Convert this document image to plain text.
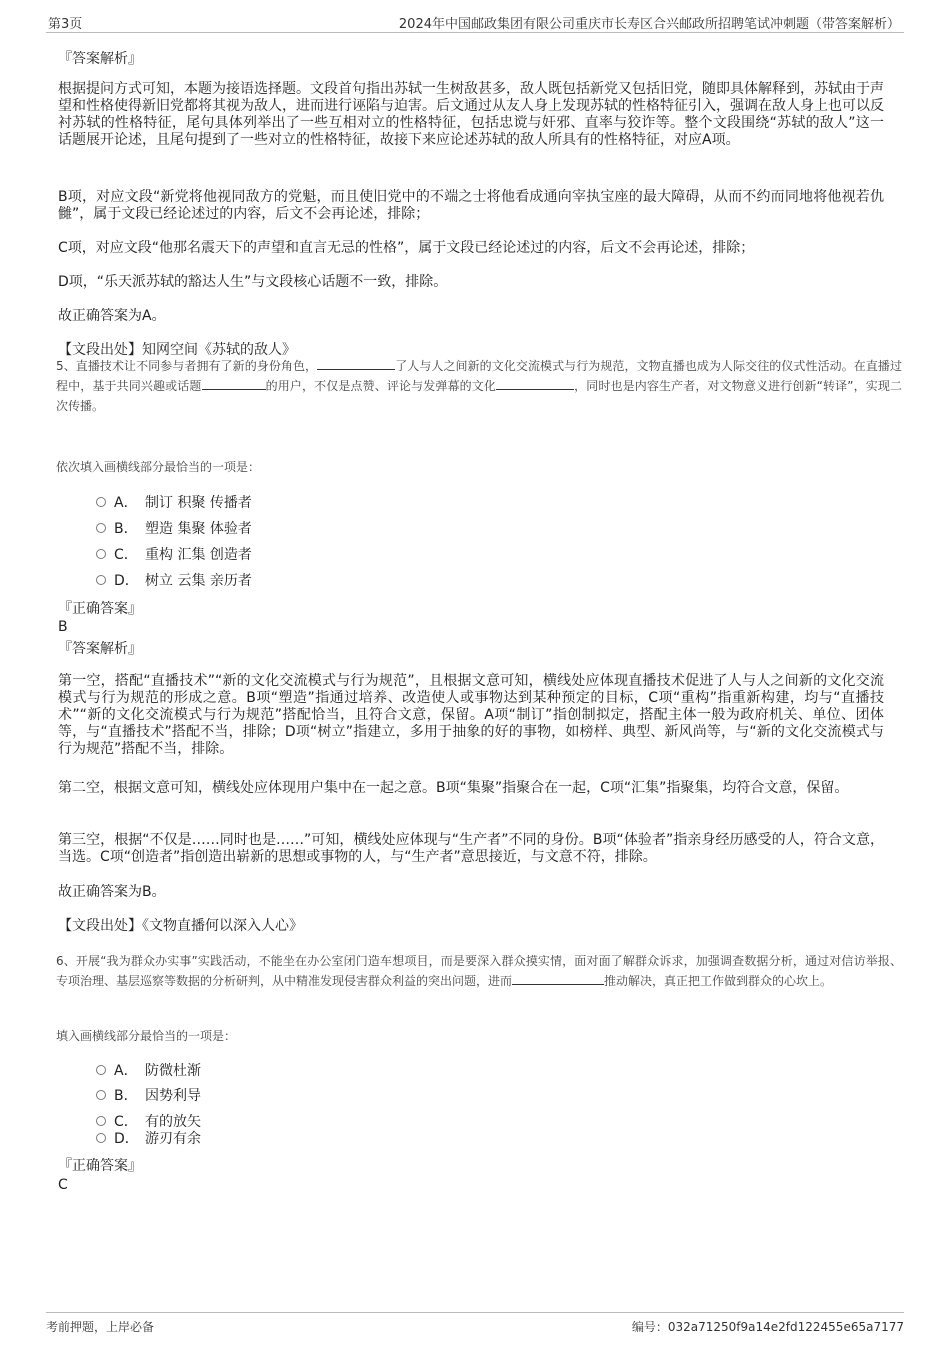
第3页	2024年中国邮政集团有限公司重庆市长寿区合兴邮政所招聘笔试冲刺题（带答案解析）
『答案解析』

根据提问方式可知，本题为接语选择题。文段首句指出苏轼一生树敌甚多，敌人既包括新党又包括旧党，随即具体解释到，苏轼由于声望和性格使得新旧党都将其视为敌人，进而进行诬陷与迫害。后文通过从友人身上发现苏轼的性格特征引入，强调在敌人身上也可以反衬苏轼的性格特征，尾句具体列举出了一些互相对立的性格特征，包括忠谠与奸邪、直率与狡诈等。整个文段围绕“苏轼的敌人”这一话题展开论述，且尾句提到了一些对立的性格特征，故接下来应论述苏轼的敌人所具有的性格特征，对应A项。

B项，对应文段“新党将他视同敌方的党魁，而且使旧党中的不端之士将他看成通向宰执宝座的最大障碍，从而不约而同地将他视若仇雠”，属于文段已经论述过的内容，后文不会再论述，排除；

C项，对应文段“他那名震天下的声望和直言无忌的性格”，属于文段已经论述过的内容，后文不会再论述，排除；

D项，“乐天派苏轼的豁达人生”与文段核心话题不一致，排除。

故正确答案为A。

【文段出处】知网空间《苏轼的敌人》

5、直播技术让不同参与者拥有了新的身份角色，	了人与人之间新的文化交流模式与行为规范，文物直播也成为人际交往的仪式性活动。在直播过程中，基于共同兴趣或话题	的用户，不仅是点赞、评论与发弹幕的文化	，同时也是内容生产者，对文物意义进行创新“转译”，实现二次传播。

依次填入画横线部分最恰当的一项是：
A． 制订 积聚 传播者
B． 塑造 集聚 体验者
C． 重构 汇集 创造者
D． 树立 云集 亲历者
『正确答案』
B
『答案解析』

第一空，搭配“直播技术”“新的文化交流模式与行为规范”，且根据文意可知，横线处应体现直播技术促进了人与人之间新的文化交流模式与行为规范的形成之意。B项“塑造”指通过培养、改造使人或事物达到某种预定的目标，C项“重构”指重新构建，均与“直播技术”“新的文化交流模式与行为规范”搭配恰当，且符合文意，保留。A项“制订”指创制拟定，搭配主体一般为政府机关、单位、团体等，与“直播技术”搭配不当，排除；D项“树立”指建立，多用于抽象的好的事物，如榜样、典型、新风尚等，与“新的文化交流模式与行为规范”搭配不当，排除。

第二空，根据文意可知，横线处应体现用户集中在一起之意。B项“集聚”指聚合在一起，C项“汇集”指聚集，均符合文意，保留。

第三空，根据“不仅是……同时也是……”可知，横线处应体现与“生产者”不同的身份。B项“体验者”指亲身经历感受的人，符合文意，当选。C项“创造者”指创造出崭新的思想或事物的人，与“生产者”意思接近，与文意不符，排除。

故正确答案为B。

【文段出处】《文物直播何以深入人心》

6、开展“我为群众办实事”实践活动，不能坐在办公室闭门造车想项目，而是要深入群众摸实情，面对面了解群众诉求，加强调查数据分析，通过对信访举报、专项治理、基层巡察等数据的分析研判，从中精准发现侵害群众利益的突出问题，进而	推动解决，真正把工作做到群众的心坎上。

填入画横线部分最恰当的一项是：
A． 防微杜渐
B． 因势利导
C． 有的放矢
D． 游刃有余
『正确答案』
C
考前押题，上岸必备	编号：032a71250f9a14e2fd122455e65a7177
